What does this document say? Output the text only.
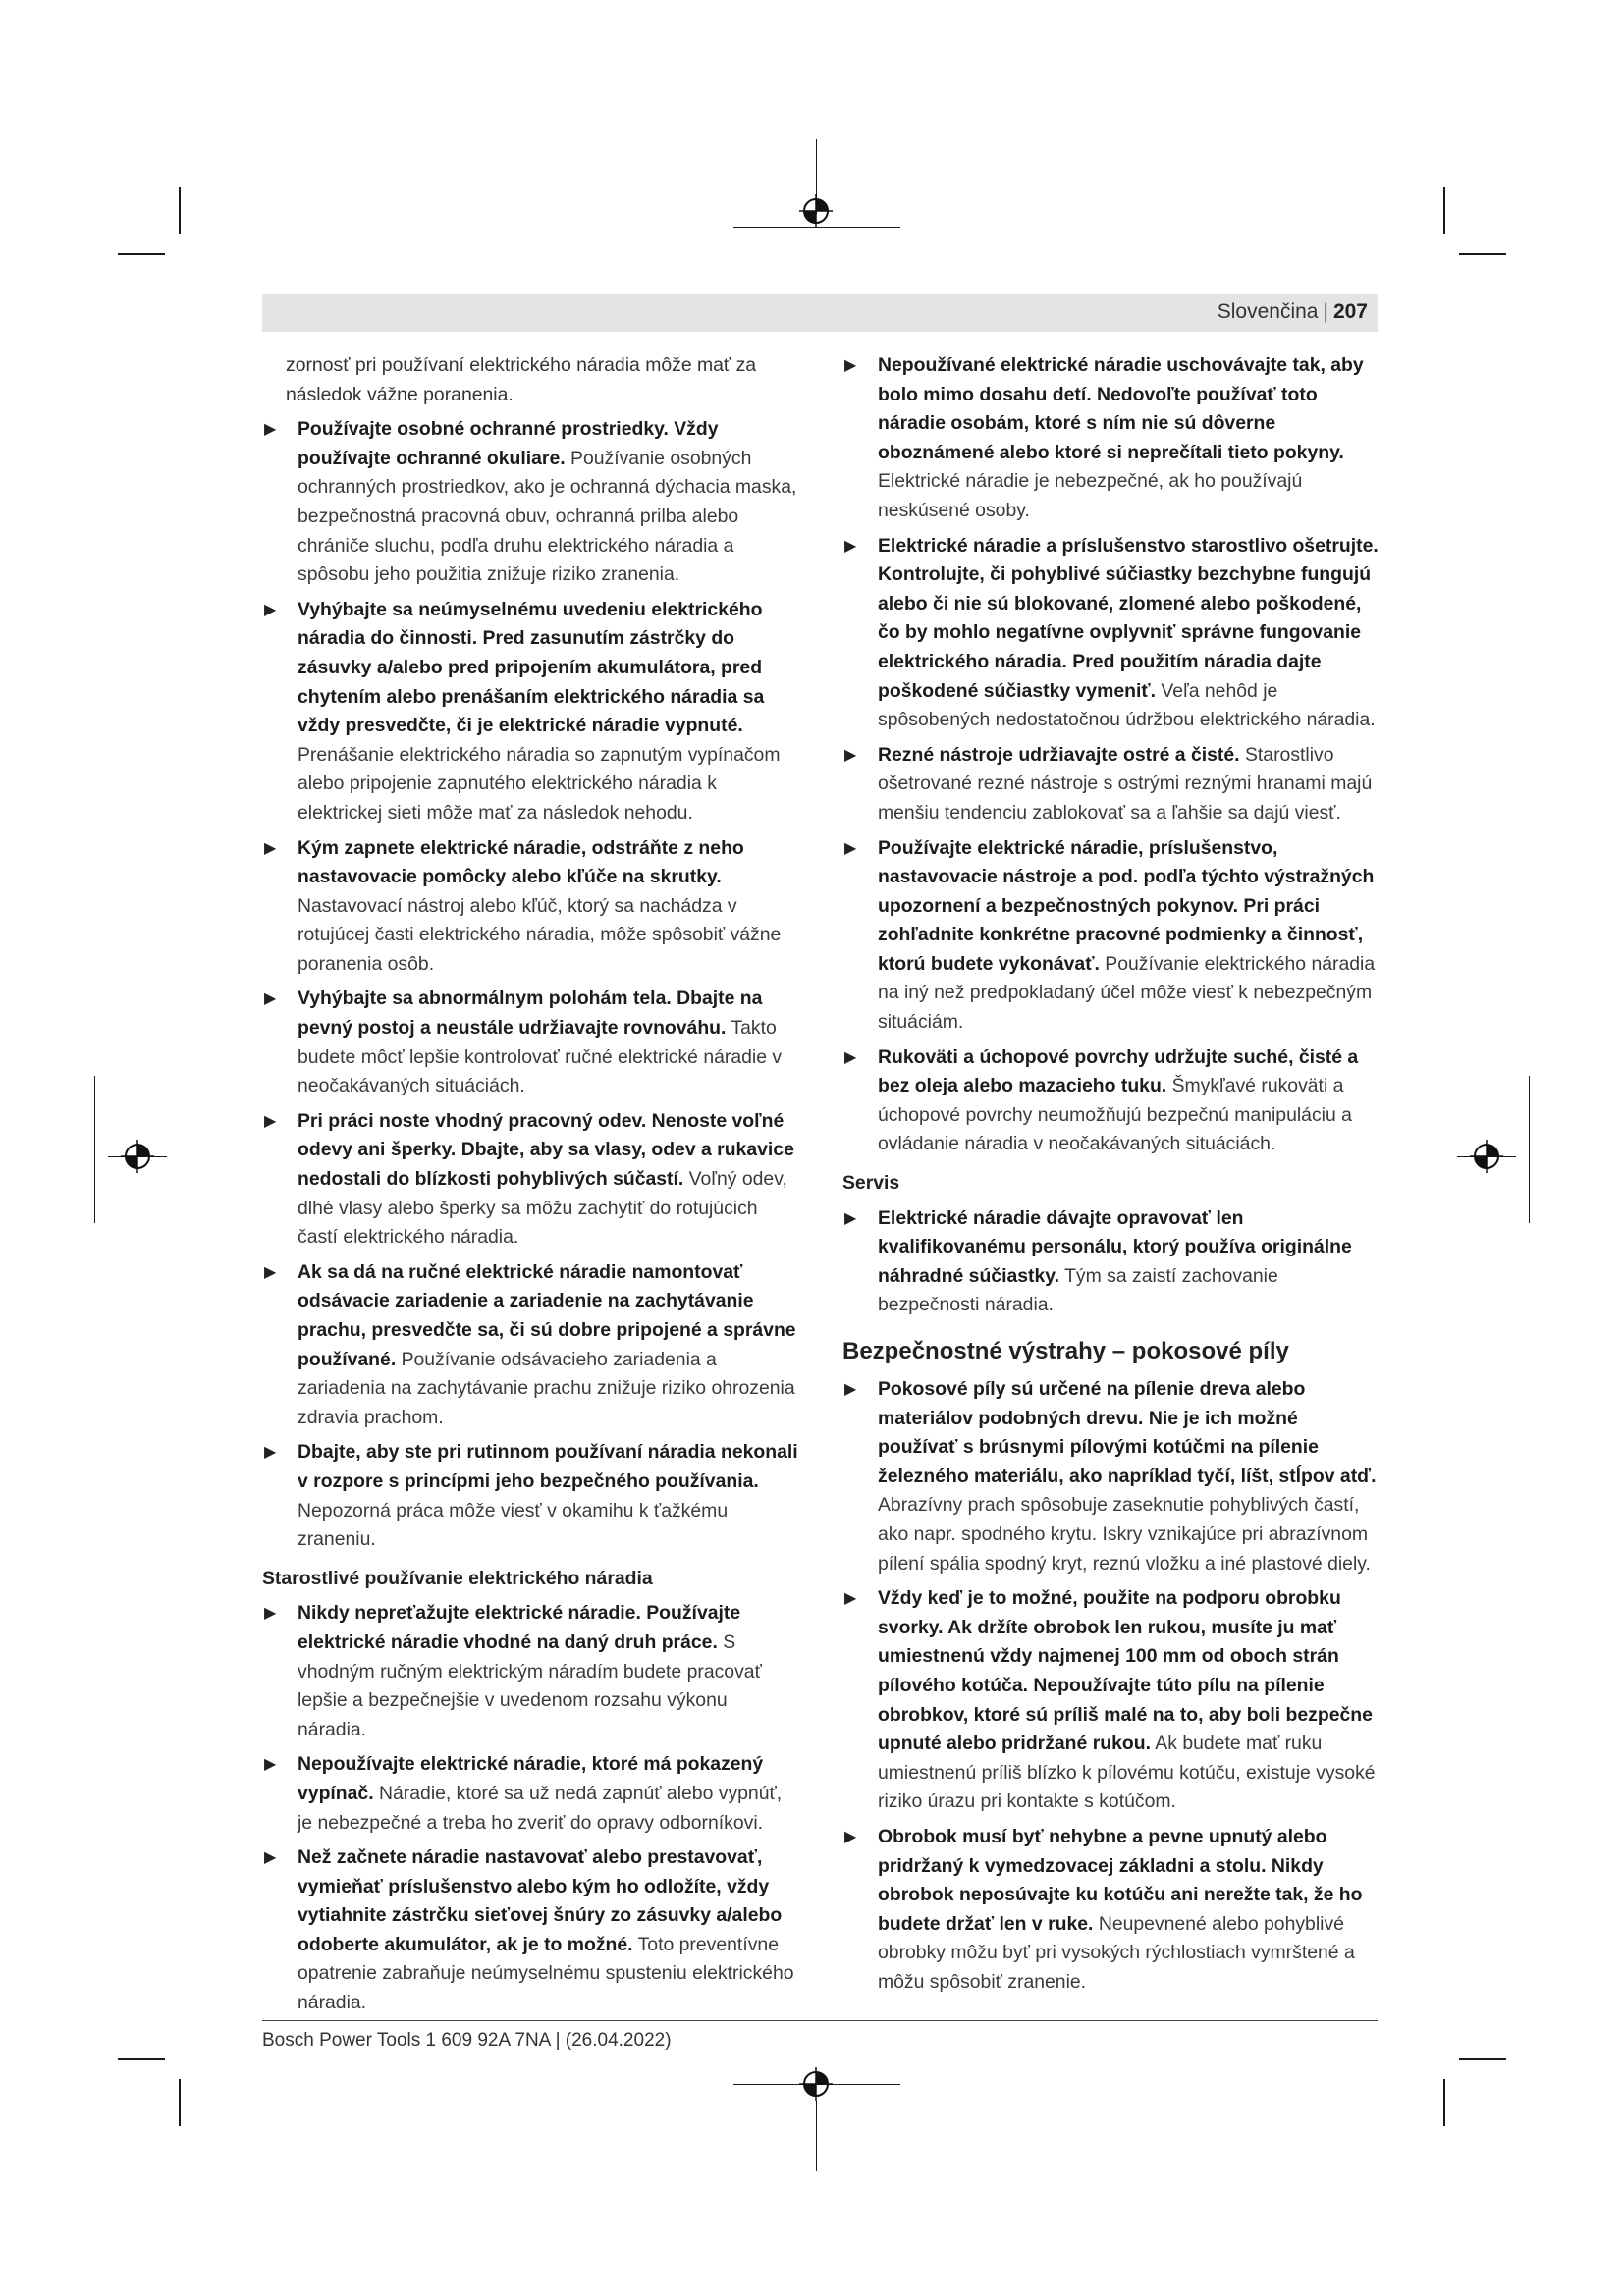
Slovenčina | 207

zornosť pri používaní elektrického náradia môže mať za následok vážne poranenia.

▶ Používajte osobné ochranné prostriedky. Vždy používajte ochranné okuliare. Používanie osobných ochranných prostriedkov, ako je ochranná dýchacia maska, bezpečnostná pracovná obuv, ochranná prilba alebo chrániče sluchu, podľa druhu elektrického náradia a spôsobu jeho použitia znižuje riziko zranenia.

▶ Vyhýbajte sa neúmyselnému uvedeniu elektrického náradia do činnosti. Pred zasunutím zástrčky do zásuvky a/alebo pred pripojením akumulátora, pred chytením alebo prenášaním elektrického náradia sa vždy presvedčte, či je elektrické náradie vypnuté. Prenášanie elektrického náradia so zapnutým vypínačom alebo pripojenie zapnutého elektrického náradia k elektrickej sieti môže mať za následok nehodu.

▶ Kým zapnete elektrické náradie, odstráňte z neho nastavovacie pomôcky alebo kľúče na skrutky. Nastavovací nástroj alebo kľúč, ktorý sa nachádza v rotujúcej časti elektrického náradia, môže spôsobiť vážne poranenia osôb.

▶ Vyhýbajte sa abnormálnym polohám tela. Dbajte na pevný postoj a neustále udržiavajte rovnováhu. Takto budete môcť lepšie kontrolovať ručné elektrické náradie v neočakávaných situáciách.

▶ Pri práci noste vhodný pracovný odev. Nenoste voľné odevy ani šperky. Dbajte, aby sa vlasy, odev a rukavice nedostali do blízkosti pohyblivých súčastí. Voľný odev, dlhé vlasy alebo šperky sa môžu zachytiť do rotujúcich častí elektrického náradia.

▶ Ak sa dá na ručné elektrické náradie namontovať odsávacie zariadenie a zariadenie na zachytávanie prachu, presvedčte sa, či sú dobre pripojené a správne používané. Používanie odsávacieho zariadenia a zariadenia na zachytávanie prachu znižuje riziko ohrozenia zdravia prachom.

▶ Dbajte, aby ste pri rutinnom používaní náradia nekonali v rozpore s princípmi jeho bezpečného používania. Nepozorná práca môže viesť v okamihu k ťažkému zraneniu.

Starostlivé používanie elektrického náradia
▶ Nikdy nepreťažujte elektrické náradie. Používajte elektrické náradie vhodné na daný druh práce. S vhodným ručným elektrickým náradím budete pracovať lepšie a bezpečnejšie v uvedenom rozsahu výkonu náradia.

▶ Nepoužívajte elektrické náradie, ktoré má pokazený vypínač. Náradie, ktoré sa už nedá zapnúť alebo vypnúť, je nebezpečné a treba ho zveriť do opravy odborníkovi.

▶ Než začnete náradie nastavovať alebo prestavovať, vymieňať príslušenstvo alebo kým ho odložíte, vždy vytiahnite zástrčku sieťovej šnúry zo zásuvky a/alebo odoberte akumulátor, ak je to možné. Toto preventívne opatrenie zabraňuje neúmyselnému spusteniu elektrického náradia.

▶ Nepoužívané elektrické náradie uschovávajte tak, aby bolo mimo dosahu detí. Nedovoľte používať toto náradie osobám, ktoré s ním nie sú dôverne oboznámené alebo ktoré si neprečítali tieto pokyny. Elektrické náradie je nebezpečné, ak ho používajú neskúsené osoby.

▶ Elektrické náradie a príslušenstvo starostlivo ošetrujte. Kontrolujte, či pohyblivé súčiastky bezchybne fungujú alebo či nie sú blokované, zlomené alebo poškodené, čo by mohlo negatívne ovplyvniť správne fungovanie elektrického náradia. Pred použitím náradia dajte poškodené súčiastky vymeniť. Veľa nehôd je spôsobených nedostatočnou údržbou elektrického náradia.

▶ Rezné nástroje udržiavajte ostré a čisté. Starostlivo ošetrované rezné nástroje s ostrými reznými hranami majú menšiu tendenciu zablokovať sa a ľahšie sa dajú viesť.

▶ Používajte elektrické náradie, príslušenstvo, nastavovacie nástroje a pod. podľa týchto výstražných upozornení a bezpečnostných pokynov. Pri práci zohľadnite konkrétne pracovné podmienky a činnosť, ktorú budete vykonávať. Používanie elektrického náradia na iný než predpokladaný účel môže viesť k nebezpečným situáciám.

▶ Rukoväti a úchopové povrchy udržujte suché, čisté a bez oleja alebo mazacieho tuku. Šmykľavé rukoväti a úchopové povrchy neumožňujú bezpečnú manipuláciu a ovládanie náradia v neočakávaných situáciách.

Servis
▶ Elektrické náradie dávajte opravovať len kvalifikovanému personálu, ktorý používa originálne náhradné súčiastky. Tým sa zaistí zachovanie bezpečnosti náradia.

Bezpečnostné výstrahy – pokosové píly
▶ Pokosové píly sú určené na pílenie dreva alebo materiálov podobných drevu. Nie je ich možné používať s brúsnymi pílovými kotúčmi na pílenie železného materiálu, ako napríklad tyčí, líšt, stĺpov atď. Abrazívny prach spôsobuje zaseknutie pohyblivých častí, ako napr. spodného krytu. Iskry vznikajúce pri abrazívnom pílení spália spodný kryt, reznú vložku a iné plastové diely.

▶ Vždy keď je to možné, použite na podporu obrobku svorky. Ak držíte obrobok len rukou, musíte ju mať umiestnenú vždy najmenej 100 mm od oboch strán pílového kotúča. Nepoužívajte túto pílu na pílenie obrobkov, ktoré sú príliš malé na to, aby boli bezpečne upnuté alebo pridržané rukou. Ak budete mať ruku umiestnenú príliš blízko k pílovému kotúču, existuje vysoké riziko úrazu pri kontakte s kotúčom.

▶ Obrobok musí byť nehybne a pevne upnutý alebo pridržaný k vymedzovacej základni a stolu. Nikdy obrobok neposúvajte ku kotúču ani nerežte tak, že ho budete držať len v ruke. Neupevnené alebo pohyblivé obrobky môžu byť pri vysokých rýchlostiach vymrštené a môžu spôsobiť zranenie.

Bosch Power Tools 1 609 92A 7NA | (26.04.2022)
